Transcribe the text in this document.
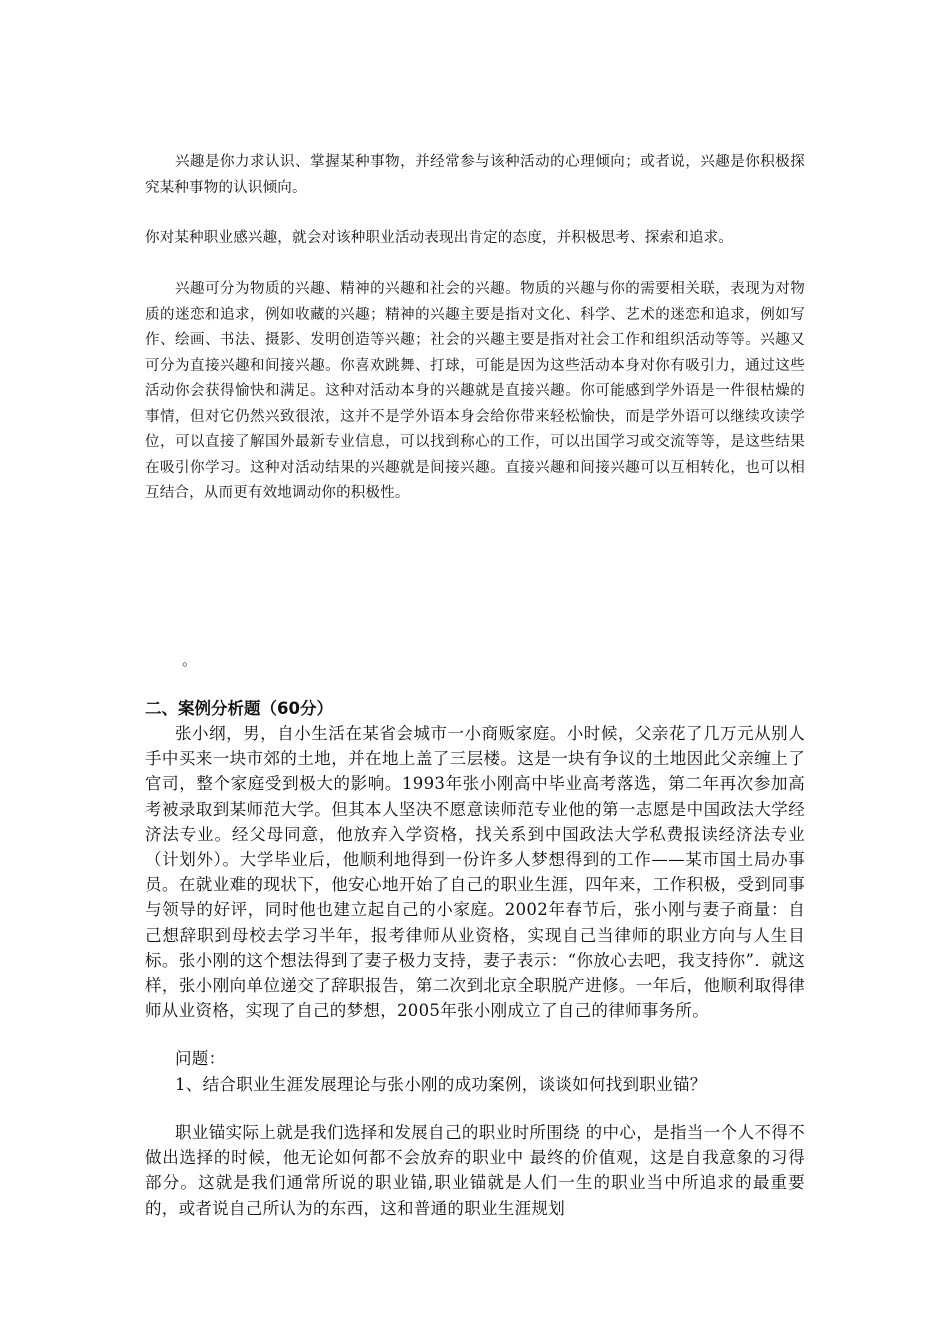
兴趣是你力求认识、掌握某种事物，并经常参与该种活动的心理倾向；或者说，兴趣是你积极探究某种事物的认识倾向。

你对某种职业感兴趣，就会对该种职业活动表现出肯定的态度，并积极思考、探索和追求。

兴趣可分为物质的兴趣、精神的兴趣和社会的兴趣。物质的兴趣与你的需要相关联，表现为对物质的迷恋和追求，例如收藏的兴趣；精神的兴趣主要是指对文化、科学、艺术的迷恋和追求，例如写作、绘画、书法、摄影、发明创造等兴趣；社会的兴趣主要是指对社会工作和组织活动等等。兴趣又可分为直接兴趣和间接兴趣。你喜欢跳舞、打球，可能是因为这些活动本身对你有吸引力，通过这些活动你会获得愉快和满足。这种对活动本身的兴趣就是直接兴趣。你可能感到学外语是一件很枯燥的事情，但对它仍然兴致很浓，这并不是学外语本身会给你带来轻松愉快，而是学外语可以继续攻读学位，可以直接了解国外最新专业信息，可以找到称心的工作，可以出国学习或交流等等，是这些结果在吸引你学习。这种对活动结果的兴趣就是间接兴趣。直接兴趣和间接兴趣可以互相转化，也可以相互结合，从而更有效地调动你的积极性。

。
二、案例分析题（60分）

张小纲，男，自小生活在某省会城市一小商贩家庭。小时候，父亲花了几万元从别人手中买来一块市郊的土地，并在地上盖了三层楼。这是一块有争议的土地因此父亲缠上了官司，整个家庭受到极大的影响。1993年张小刚高中毕业高考落选，第二年再次参加高考被录取到某师范大学。但其本人坚决不愿意读师范专业他的第一志愿是中国政法大学经济法专业。经父母同意，他放弃入学资格，找关系到中国政法大学私费报读经济法专业（计划外）。大学毕业后，他顺利地得到一份许多人梦想得到的工作——某市国土局办事员。在就业难的现状下，他安心地开始了自己的职业生涯，四年来，工作积极，受到同事与领导的好评，同时他也建立起自己的小家庭。2002年春节后，张小刚与妻子商量：自己想辞职到母校去学习半年，报考律师从业资格，实现自己当律师的职业方向与人生目标。张小刚的这个想法得到了妻子极力支持，妻子表示：“你放心去吧，我支持你”．就这样，张小刚向单位递交了辞职报告，第二次到北京全职脱产进修。一年后，他顺利取得律师从业资格，实现了自己的梦想，2005年张小刚成立了自己的律师事务所。

问题：

1、结合职业生涯发展理论与张小刚的成功案例，谈谈如何找到职业锚？

职业锚实际上就是我们选择和发展自己的职业时所围绕 的中心，是指当一个人不得不做出选择的时候，他无论如何都不会放弃的职业中 最终的价值观，这是自我意象的习得部分。这就是我们通常所说的职业锚,职业锚就是人们一生的职业当中所追求的最重要的，或者说自己所认为的东西，这和普通的职业生涯规划
